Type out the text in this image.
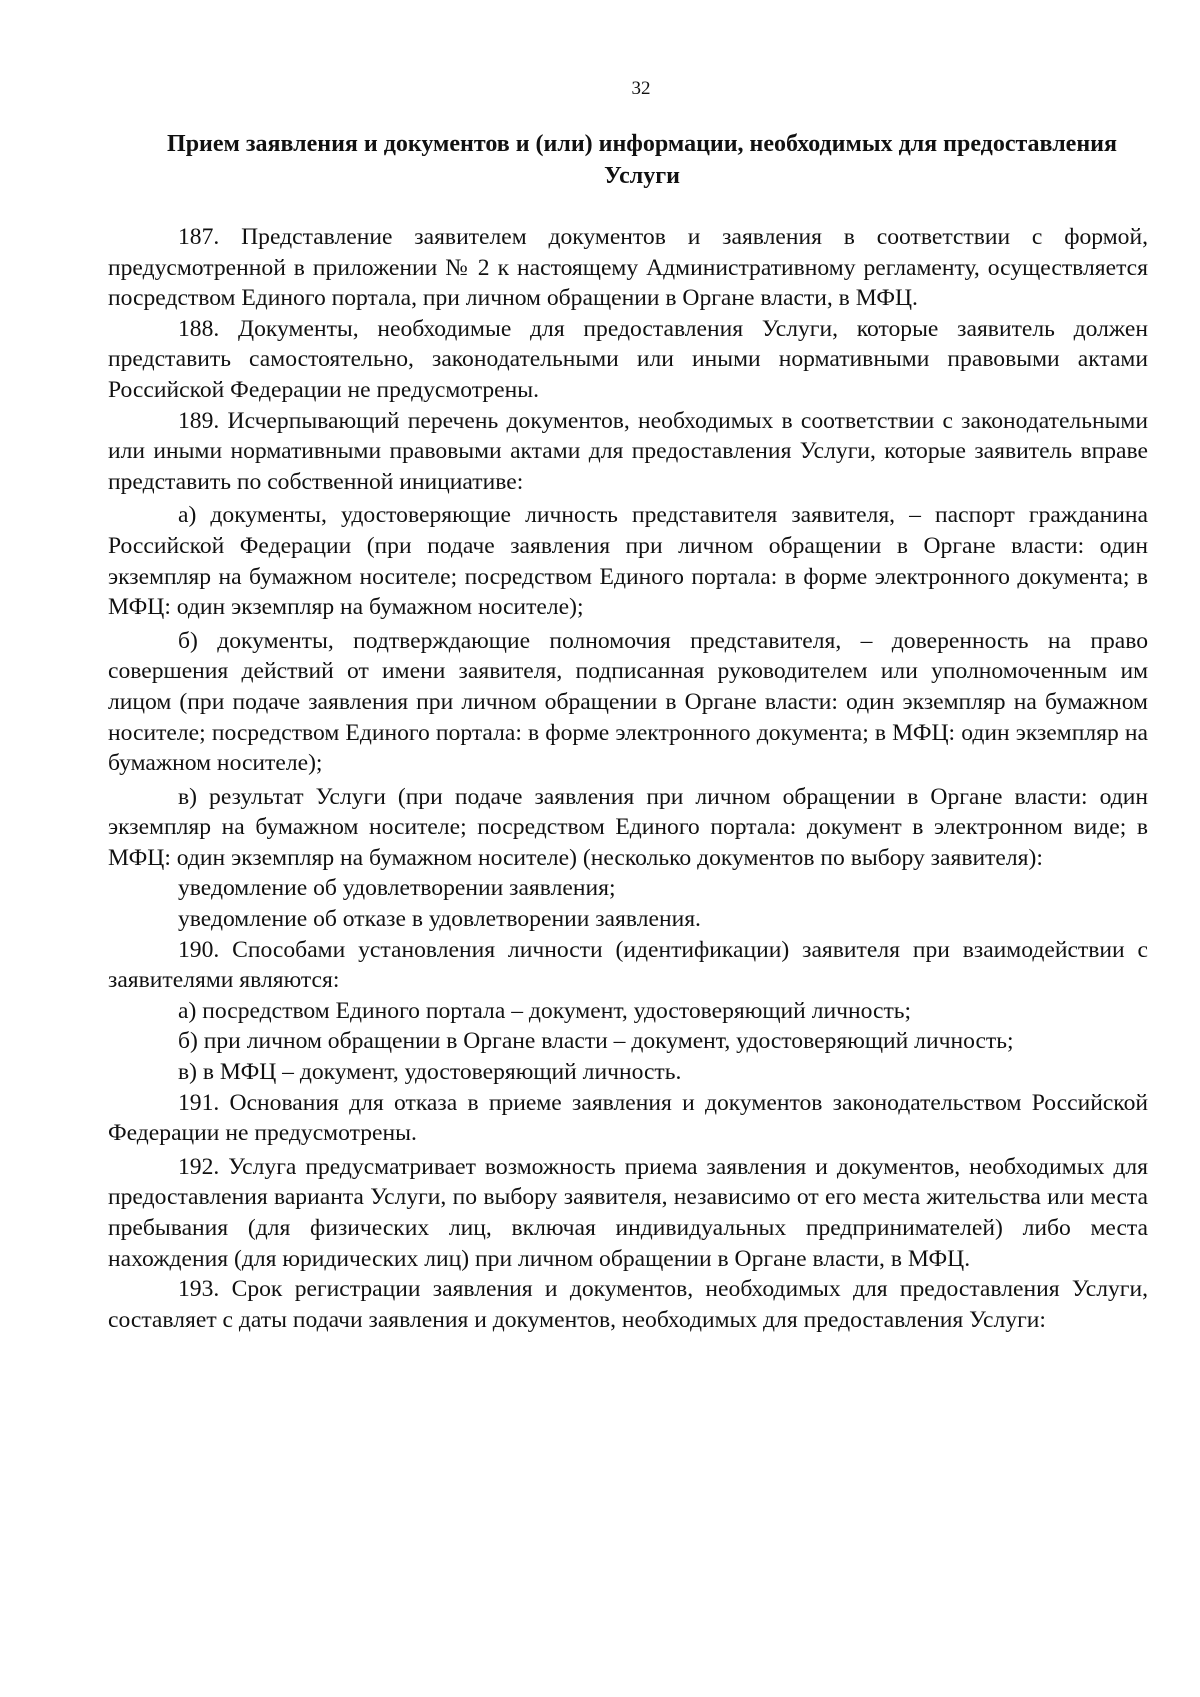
32
Прием заявления и документов и (или) информации, необходимых для предоставления Услуги

187. Представление заявителем документов и заявления в соответствии с формой, предусмотренной в приложении № 2 к настоящему Административному регламенту, осуществляется посредством Единого портала, при личном обращении в Органе власти, в МФЦ.

188. Документы, необходимые для предоставления Услуги, которые заявитель должен представить самостоятельно, законодательными или иными нормативными правовыми актами Российской Федерации не предусмотрены.

189. Исчерпывающий перечень документов, необходимых в соответствии с законодательными или иными нормативными правовыми актами для предоставления Услуги, которые заявитель вправе представить по собственной инициативе:

а) документы, удостоверяющие личность представителя заявителя, – паспорт гражданина Российской Федерации (при подаче заявления при личном обращении в Органе власти: один экземпляр на бумажном носителе; посредством Единого портала: в форме электронного документа; в МФЦ: один экземпляр на бумажном носителе);

б) документы, подтверждающие полномочия представителя, – доверенность на право совершения действий от имени заявителя, подписанная руководителем или уполномоченным им лицом (при подаче заявления при личном обращении в Органе власти: один экземпляр на бумажном носителе; посредством Единого портала: в форме электронного документа; в МФЦ: один экземпляр на бумажном носителе);

в) результат Услуги (при подаче заявления при личном обращении в Органе власти: один экземпляр на бумажном носителе; посредством Единого портала: документ в электронном виде; в МФЦ: один экземпляр на бумажном носителе) (несколько документов по выбору заявителя):

уведомление об удовлетворении заявления;

уведомление об отказе в удовлетворении заявления.

190. Способами установления личности (идентификации) заявителя при взаимодействии с заявителями являются:

а) посредством Единого портала – документ, удостоверяющий личность;

б) при личном обращении в Органе власти – документ, удостоверяющий личность;

в) в МФЦ – документ, удостоверяющий личность.

191. Основания для отказа в приеме заявления и документов законодательством Российской Федерации не предусмотрены.

192. Услуга предусматривает возможность приема заявления и документов, необходимых для предоставления варианта Услуги, по выбору заявителя, независимо от его места жительства или места пребывания (для физических лиц, включая индивидуальных предпринимателей) либо места нахождения (для юридических лиц) при личном обращении в Органе власти, в МФЦ.

193. Срок регистрации заявления и документов, необходимых для предоставления Услуги, составляет с даты подачи заявления и документов, необходимых для предоставления Услуги:
